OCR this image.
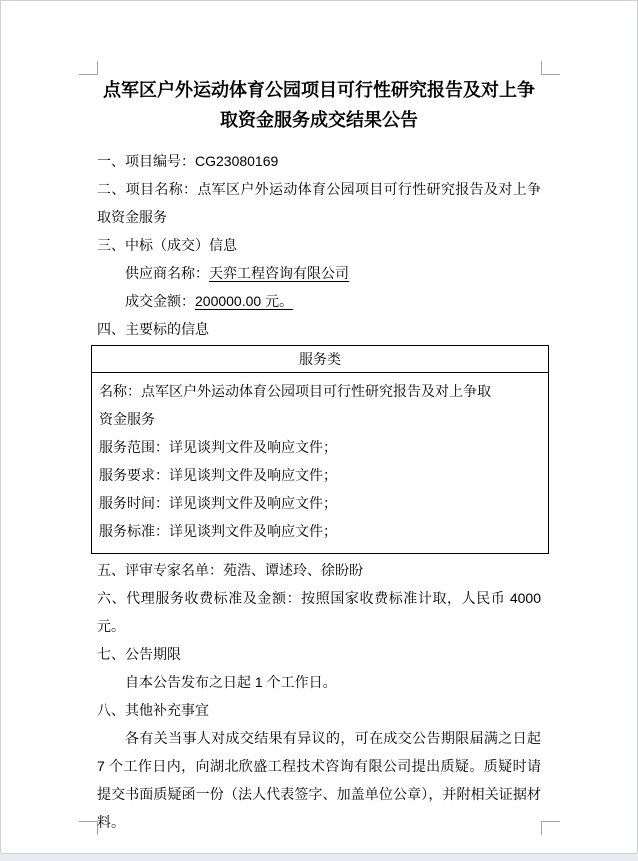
点军区户外运动体育公园项目可行性研究报告及对上争取资金服务成交结果公告

一、项目编号：CG23080169

二、项目名称：点军区户外运动体育公园项目可行性研究报告及对上争取资金服务

三、中标（成交）信息

供应商名称：天弈工程咨询有限公司

成交金额：200000.00 元。

四、主要标的信息

服务类

名称：点军区户外运动体育公园项目可行性研究报告及对上争取资金服务

服务范围：详见谈判文件及响应文件；

服务要求：详见谈判文件及响应文件；

服务时间：详见谈判文件及响应文件；

服务标准：详见谈判文件及响应文件；

五、评审专家名单：苑浩、谭述玲、徐盼盼

六、代理服务收费标准及金额：按照国家收费标准计取，人民币 4000 元。

七、公告期限

自本公告发布之日起 1 个工作日。

八、其他补充事宜

各有关当事人对成交结果有异议的，可在成交公告期限届满之日起 7 个工作日内，向湖北欣盛工程技术咨询有限公司提出质疑。质疑时请提交书面质疑函一份（法人代表签字、加盖单位公章），并附相关证据材料。
